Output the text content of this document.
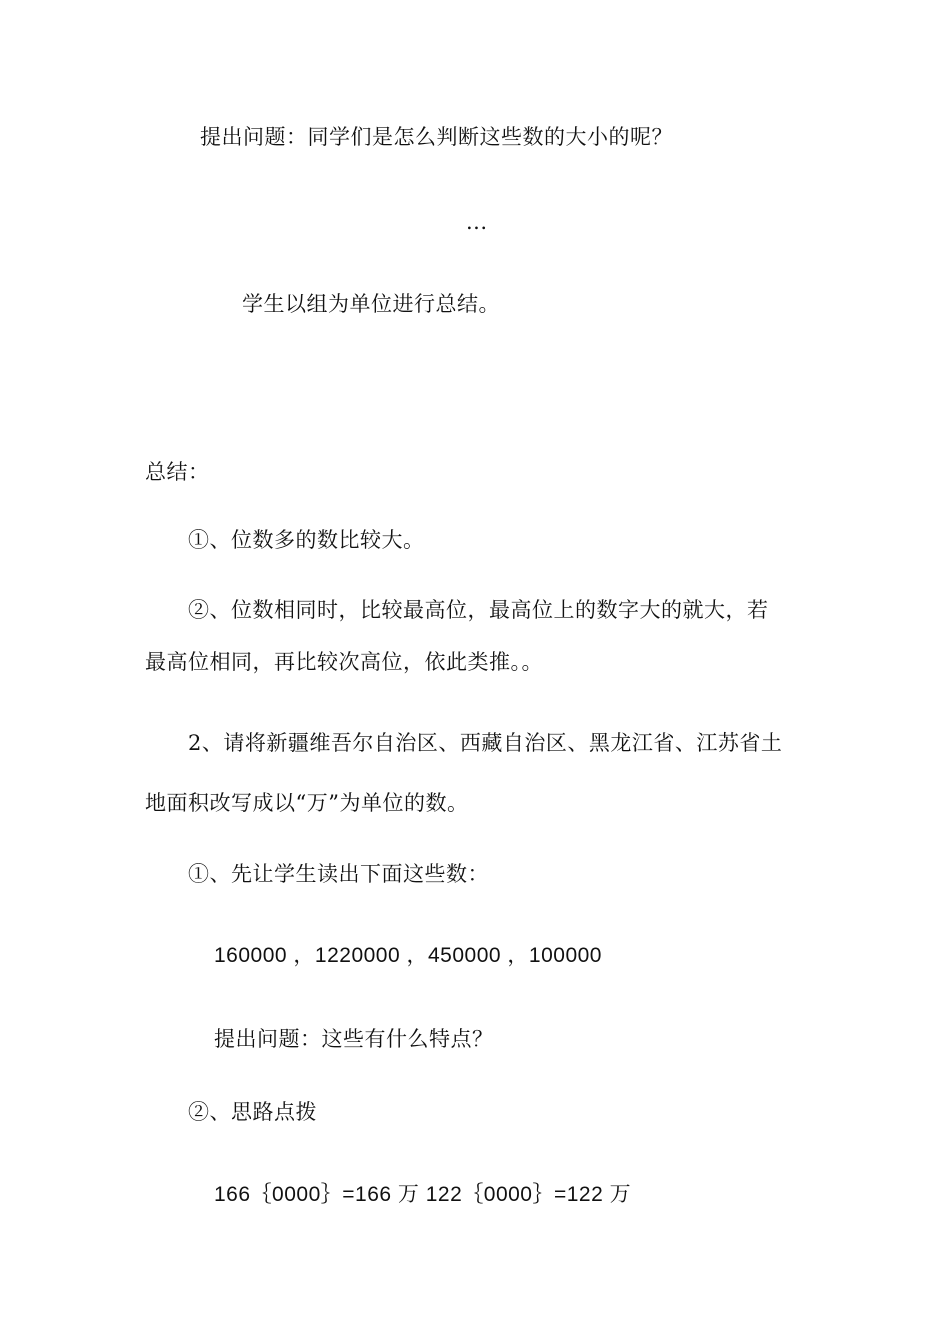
提出问题：同学们是怎么判断这些数的大小的呢？
...
学生以组为单位进行总结。
总结：
①、位数多的数比较大。
②、位数相同时，比较最高位，最高位上的数字大的就大，若
最高位相同，再比较次高位，依此类推。。
2、请将新疆维吾尔自治区、西藏自治区、黑龙江省、江苏省土
地面积改写成以“万”为单位的数。
①、先让学生读出下面这些数：
160000 ，1220000 ，450000 ，100000
提出问题：这些有什么特点？
②、思路点拨
166｛0000｝=166 万 122｛0000｝=122 万
